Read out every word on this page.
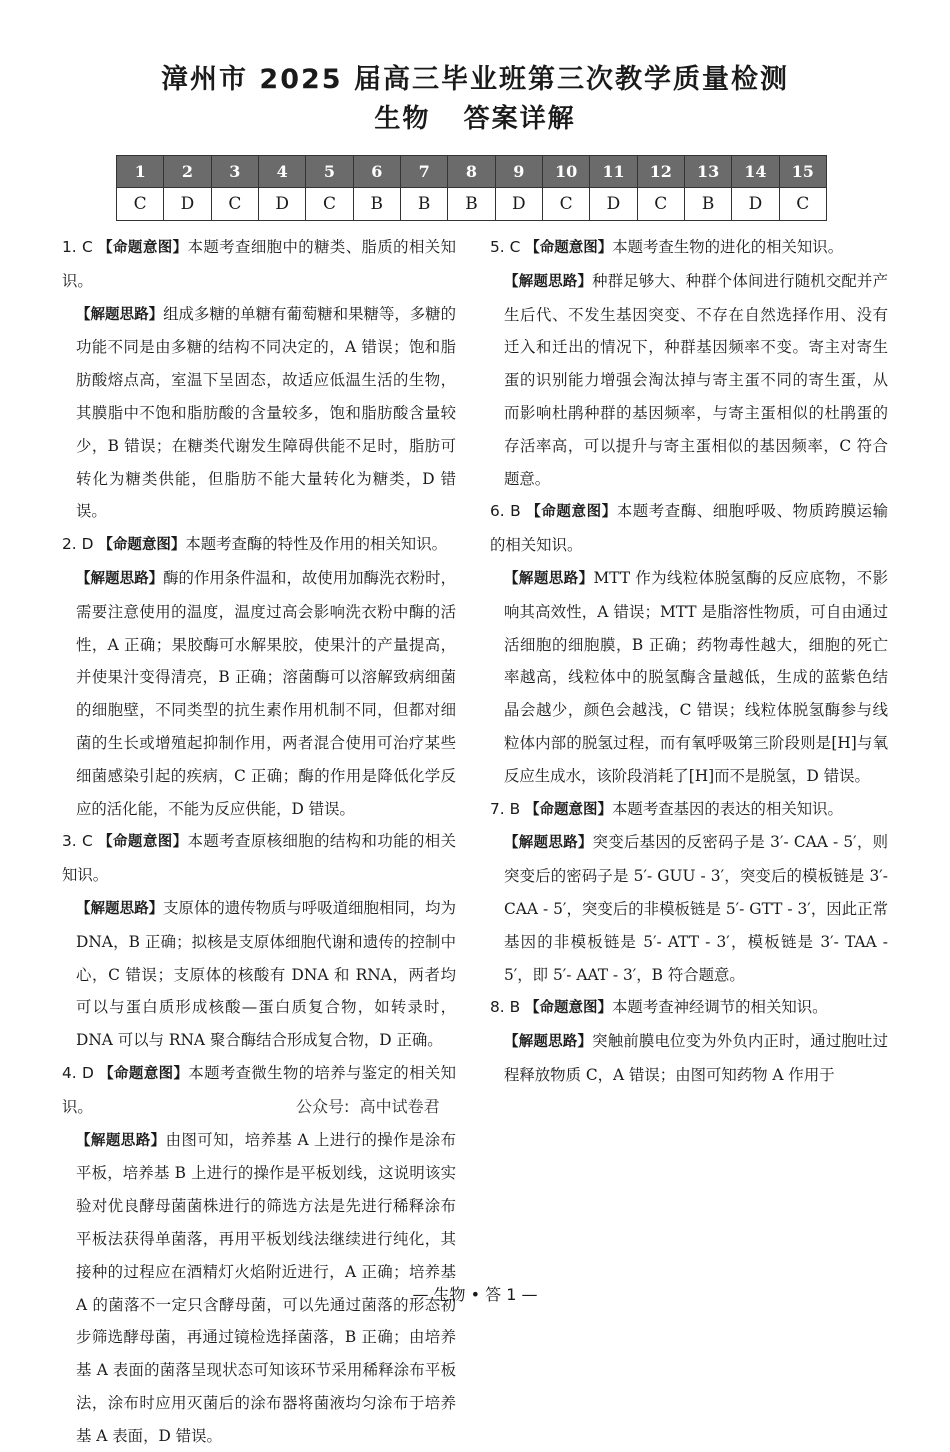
漳州市 2025 届高三毕业班第三次教学质量检测
生物   答案详解
1	2	3	4	5	6	7	8	9	10	11	12	13	14	15
C	D	C	D	C	B	B	B	D	C	D	C	B	D	C

1. C 【命题意图】本题考查细胞中的糖类、脂质的相关知识。

【解题思路】组成多糖的单糖有葡萄糖和果糖等，多糖的功能不同是由多糖的结构不同决定的，A 错误；饱和脂肪酸熔点高，室温下呈固态，故适应低温生活的生物，其膜脂中不饱和脂肪酸的含量较多，饱和脂肪酸含量较少，B 错误；在糖类代谢发生障碍供能不足时，脂肪可转化为糖类供能，但脂肪不能大量转化为糖类，D 错误。

2. D 【命题意图】本题考查酶的特性及作用的相关知识。

【解题思路】酶的作用条件温和，故使用加酶洗衣粉时，需要注意使用的温度，温度过高会影响洗衣粉中酶的活性，A 正确；果胶酶可水解果胶，使果汁的产量提高，并使果汁变得清亮，B 正确；溶菌酶可以溶解致病细菌的细胞壁，不同类型的抗生素作用机制不同，但都对细菌的生长或增殖起抑制作用，两者混合使用可治疗某些细菌感染引起的疾病，C 正确；酶的作用是降低化学反应的活化能，不能为反应供能，D 错误。

3. C 【命题意图】本题考查原核细胞的结构和功能的相关知识。

【解题思路】支原体的遗传物质与呼吸道细胞相同，均为 DNA，B 正确；拟核是支原体细胞代谢和遗传的控制中心，C 错误；支原体的核酸有 DNA 和 RNA，两者均可以与蛋白质形成核酸—蛋白质复合物，如转录时，DNA 可以与 RNA 聚合酶结合形成复合物，D 正确。

4. D 【命题意图】本题考查微生物的培养与鉴定的相关知识。

【解题思路】由图可知，培养基 A 上进行的操作是涂布平板，培养基 B 上进行的操作是平板划线，这说明该实验对优良酵母菌菌株进行的筛选方法是先进行稀释涂布平板法获得单菌落，再用平板划线法继续进行纯化，其接种的过程应在酒精灯火焰附近进行，A 正确；培养基 A 的菌落不一定只含酵母菌，可以先通过菌落的形态初步筛选酵母菌，再通过镜检选择菌落，B 正确；由培养基 A 表面的菌落呈现状态可知该环节采用稀释涂布平板法，涂布时应用灭菌后的涂布器将菌液均匀涂布于培养基 A 表面，D 错误。

5. C 【命题意图】本题考查生物的进化的相关知识。

【解题思路】种群足够大、种群个体间进行随机交配并产生后代、不发生基因突变、不存在自然选择作用、没有迁入和迁出的情况下，种群基因频率不变。寄主对寄生蛋的识别能力增强会淘汰掉与寄主蛋不同的寄生蛋，从而影响杜鹃种群的基因频率，与寄主蛋相似的杜鹃蛋的存活率高，可以提升与寄主蛋相似的基因频率，C 符合题意。

6. B 【命题意图】本题考查酶、细胞呼吸、物质跨膜运输的相关知识。

【解题思路】MTT 作为线粒体脱氢酶的反应底物，不影响其高效性，A 错误；MTT 是脂溶性物质，可自由通过活细胞的细胞膜，B 正确；药物毒性越大，细胞的死亡率越高，线粒体中的脱氢酶含量越低，生成的蓝紫色结晶会越少，颜色会越浅，C 错误；线粒体脱氢酶参与线粒体内部的脱氢过程，而有氧呼吸第三阶段则是[H]与氧反应生成水，该阶段消耗了[H]而不是脱氢，D 错误。

7. B 【命题意图】本题考查基因的表达的相关知识。

【解题思路】突变后基因的反密码子是 3′- CAA - 5′，则突变后的密码子是 5′- GUU - 3′，突变后的模板链是 3′- CAA - 5′，突变后的非模板链是 5′- GTT - 3′，因此正常基因的非模板链是 5′- ATT - 3′，模板链是 3′- TAA - 5′，即 5′- AAT - 3′，B 符合题意。

8. B 【命题意图】本题考查神经调节的相关知识。

【解题思路】突触前膜电位变为外负内正时，通过胞吐过程释放物质 C，A 错误；由图可知药物 A 作用于

公众号:  高中试卷君
— 生物 • 答 1 —
